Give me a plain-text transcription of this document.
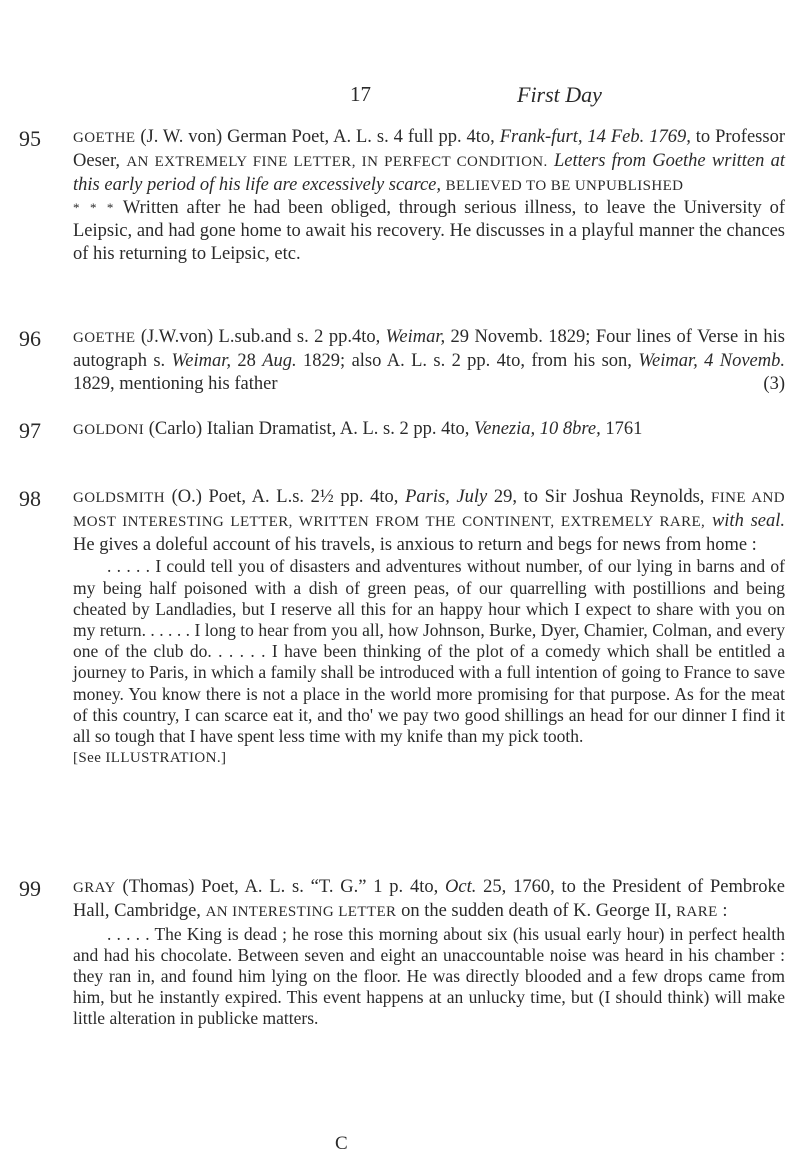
17	First Day
95 GOETHE (J. W. von) German Poet, A. L. s. 4 full pp. 4to, Frank-furt, 14 Feb. 1769, to Professor Oeser, AN EXTREMELY FINE LETTER, IN PERFECT CONDITION. Letters from Goethe written at this early period of his life are excessively scarce, BELIEVED TO BE UNPUBLISHED

* * * Written after he had been obliged, through serious illness, to leave the University of Leipsic, and had gone home to await his recovery. He discusses in a playful manner the chances of his returning to Leipsic, etc.

96 GOETHE (J.W.von) L.sub.and s. 2 pp.4to, Weimar, 29 Novemb. 1829; Four lines of Verse in his autograph s. Weimar, 28 Aug. 1829; also A. L. s. 2 pp. 4to, from his son, Weimar, 4 Novemb. 1829, mentioning his father	(3)

97 GOLDONI (Carlo) Italian Dramatist, A. L. s. 2 pp. 4to, Venezia, 10 8bre, 1761

98 GOLDSMITH (O.) Poet, A. L.s. 2½ pp. 4to, Paris, July 29, to Sir Joshua Reynolds, FINE AND MOST INTERESTING LETTER, WRITTEN FROM THE CONTINENT, EXTREMELY RARE, with seal. He gives a doleful account of his travels, is anxious to return and begs for news from home :

. . . . . I could tell you of disasters and adventures without number, of our lying in barns and of my being half poisoned with a dish of green peas, of our quarrelling with postillions and being cheated by Landladies, but I reserve all this for an happy hour which I expect to share with you on my return. . . . . . I long to hear from you all, how Johnson, Burke, Dyer, Chamier, Colman, and every one of the club do. . . . . . I have been thinking of the plot of a comedy which shall be entitled a journey to Paris, in which a family shall be introduced with a full intention of going to France to save money. You know there is not a place in the world more promising for that purpose. As for the meat of this country, I can scarce eat it, and tho' we pay two good shillings an head for our dinner I find it all so tough that I have spent less time with my knife than my pick tooth.

[See ILLUSTRATION.]

99 GRAY (Thomas) Poet, A. L. s. “T. G.” 1 p. 4to, Oct. 25, 1760, to the President of Pembroke Hall, Cambridge, AN INTERESTING LETTER on the sudden death of K. George II, RARE :

. . . . . The King is dead ; he rose this morning about six (his usual early hour) in perfect health and had his chocolate. Between seven and eight an unaccountable noise was heard in his chamber : they ran in, and found him lying on the floor. He was directly blooded and a few drops came from him, but he instantly expired. This event happens at an unlucky time, but (I should think) will make little alteration in publicke matters.

C
